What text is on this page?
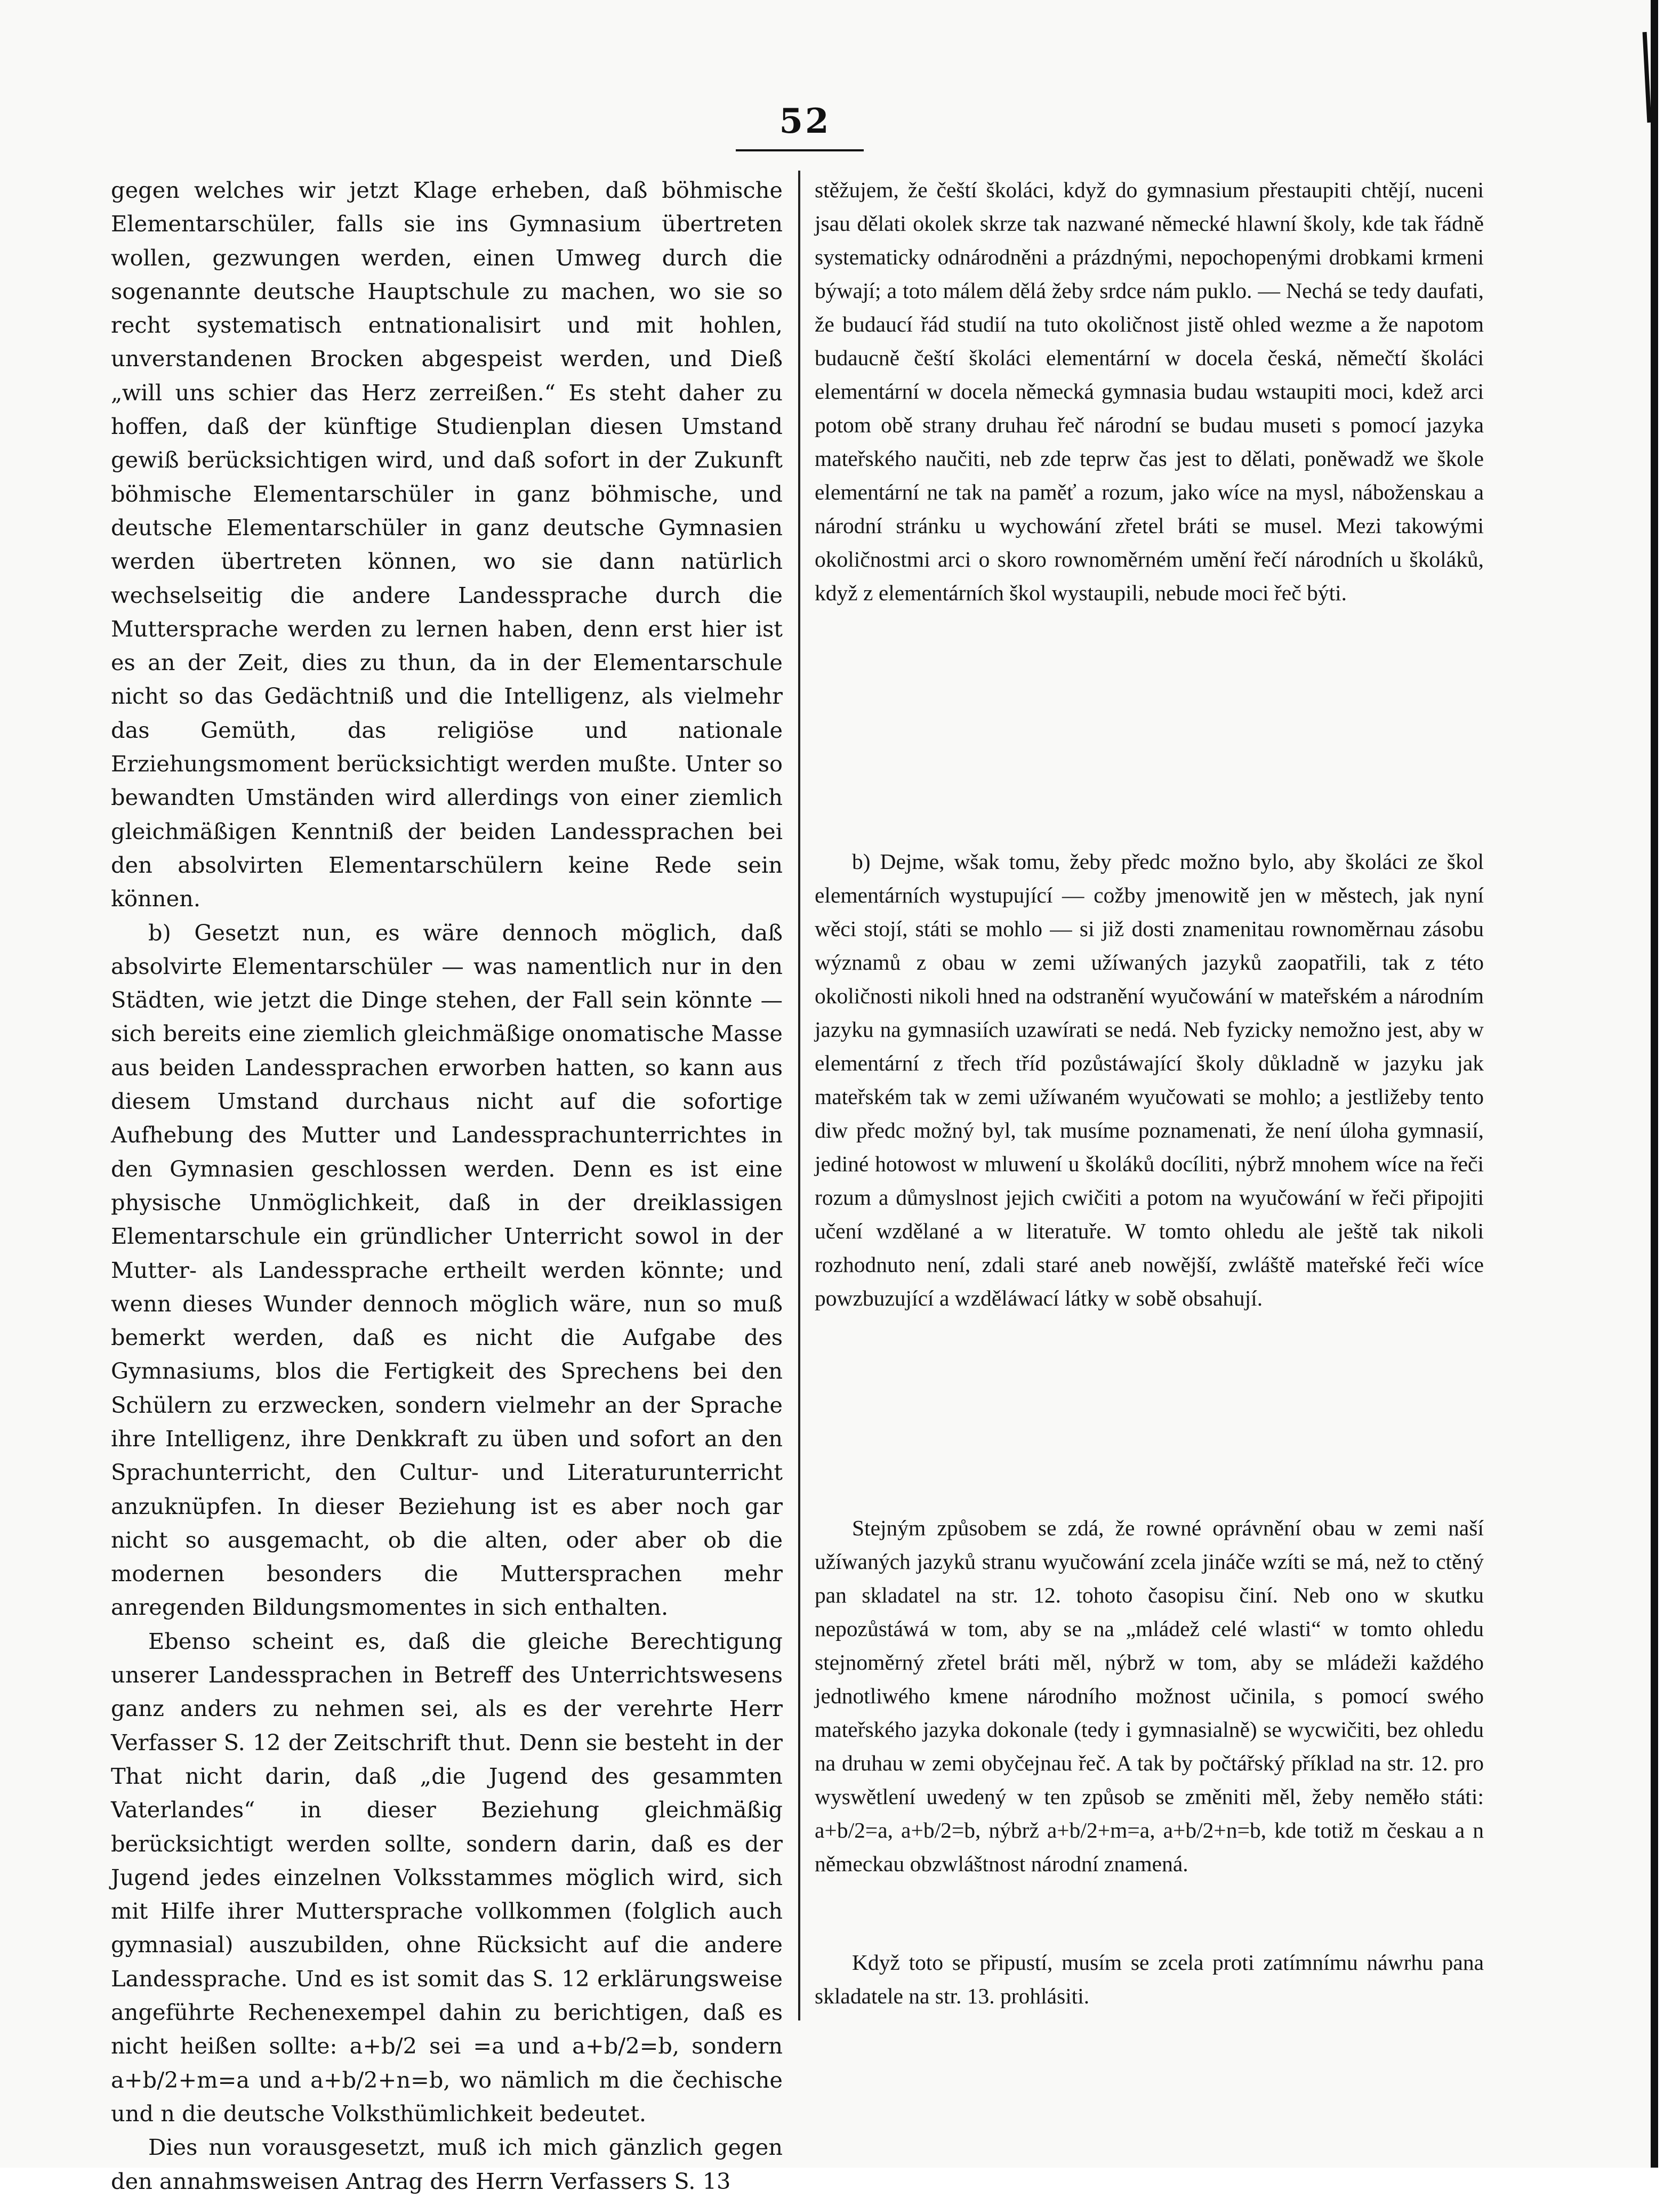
52

gegen welches wir jetzt Klage erheben, daß böhmische Elementarschüler, falls sie ins Gymnasium übertreten wollen, gezwungen werden, einen Umweg durch die sogenannte deutsche Hauptschule zu machen, wo sie so recht systematisch entnationalisirt und mit hohlen, unverstandenen Brocken abgespeist werden, und Dieß „will uns schier das Herz zerreißen.“ Es steht daher zu hoffen, daß der künftige Studienplan diesen Umstand gewiß berücksichtigen wird, und daß sofort in der Zukunft böhmische Elementarschüler in ganz böhmische, und deutsche Elementarschüler in ganz deutsche Gymnasien werden übertreten können, wo sie dann natürlich wechselseitig die andere Landessprache durch die Muttersprache werden zu lernen haben, denn erst hier ist es an der Zeit, dies zu thun, da in der Elementarschule nicht so das Gedächtniß und die Intelligenz, als vielmehr das Gemüth, das religiöse und nationale Erziehungsmoment berücksichtigt werden mußte. Unter so bewandten Umständen wird allerdings von einer ziemlich gleichmäßigen Kenntniß der beiden Landessprachen bei den absolvirten Elementarschülern keine Rede sein können.

b) Gesetzt nun, es wäre dennoch möglich, daß absolvirte Elementarschüler — was namentlich nur in den Städten, wie jetzt die Dinge stehen, der Fall sein könnte — sich bereits eine ziemlich gleichmäßige onomatische Masse aus beiden Landessprachen erworben hatten, so kann aus diesem Umstand durchaus nicht auf die sofortige Aufhebung des Mutter und Landessprachunterrichtes in den Gymnasien geschlossen werden. Denn es ist eine physische Unmöglichkeit, daß in der dreiklassigen Elementarschule ein gründlicher Unterricht sowol in der Mutter- als Landessprache ertheilt werden könnte; und wenn dieses Wunder dennoch möglich wäre, nun so muß bemerkt werden, daß es nicht die Aufgabe des Gymnasiums, blos die Fertigkeit des Sprechens bei den Schülern zu erzwecken, sondern vielmehr an der Sprache ihre Intelligenz, ihre Denkkraft zu üben und sofort an den Sprachunterricht, den Cultur- und Literaturunterricht anzuknüpfen. In dieser Beziehung ist es aber noch gar nicht so ausgemacht, ob die alten, oder aber ob die modernen besonders die Muttersprachen mehr anregenden Bildungsmomentes in sich enthalten.

Ebenso scheint es, daß die gleiche Berechtigung unserer Landessprachen in Betreff des Unterrichtswesens ganz anders zu nehmen sei, als es der verehrte Herr Verfasser S. 12 der Zeitschrift thut. Denn sie besteht in der That nicht darin, daß „die Jugend des gesammten Vaterlandes“ in dieser Beziehung gleichmäßig berücksichtigt werden sollte, sondern darin, daß es der Jugend jedes einzelnen Volksstammes möglich wird, sich mit Hilfe ihrer Muttersprache vollkommen (folglich auch gymnasial) auszubilden, ohne Rücksicht auf die andere Landessprache. Und es ist somit das S. 12 erklärungsweise angeführte Rechenexempel dahin zu berichtigen, daß es nicht heißen sollte: a+b/2 sei =a und a+b/2=b, sondern a+b/2+m=a und a+b/2+n=b, wo nämlich m die čechische und n die deutsche Volksthümlichkeit bedeutet.

Dies nun vorausgesetzt, muß ich mich gänzlich gegen den annahmsweisen Antrag des Herrn Verfassers S. 13

stěžujem, že čeští školáci, když do gymnasium přestaupiti chtějí, nuceni jsau dělati okolek skrze tak nazwané německé hlawní školy, kde tak řádně systematicky odnárodněni a prázdnými, nepochopenými drobkami krmeni býwají; a toto málem dělá žeby srdce nám puklo. — Nechá se tedy daufati, že budaucí řád studií na tuto okoličnost jistě ohled wezme a že napotom budaucně čeští školáci elementární w docela česká, němečtí školáci elementární w docela německá gymnasia budau wstaupiti moci, kdež arci potom obě strany druhau řeč národní se budau museti s pomocí jazyka mateřského naučiti, neb zde teprw čas jest to dělati, poněwadž we škole elementární ne tak na paměť a rozum, jako wíce na mysl, náboženskau a národní stránku u wychowání zřetel bráti se musel. Mezi takowými okoličnostmi arci o skoro rownoměrném umění řečí národních u školáků, když z elementárních škol wystaupili, nebude moci řeč býti.

b) Dejme, wšak tomu, žeby předc možno bylo, aby školáci ze škol elementárních wystupující — cožby jmenowitě jen w městech, jak nyní wěci stojí, státi se mohlo — si již dosti znamenitau rownoměrnau zásobu wýznamů z obau w zemi užíwaných jazyků zaopatřili, tak z této okoličnosti nikoli hned na odstranění wyučowání w mateřském a národním jazyku na gymnasiích uzawírati se nedá. Neb fyzicky nemožno jest, aby w elementární z třech tříd pozůstáwající školy důkladně w jazyku jak mateřském tak w zemi užíwaném wyučowati se mohlo; a jestližeby tento diw předc možný byl, tak musíme poznamenati, že není úloha gymnasií, jediné hotowost w mluwení u školáků docíliti, nýbrž mnohem wíce na řeči rozum a důmyslnost jejich cwičiti a potom na wyučowání w řeči připojiti učení wzdělané a w literatuře. W tomto ohledu ale ještě tak nikoli rozhodnuto není, zdali staré aneb nowější, zwláště mateřské řeči wíce powzbuzující a wzděláwací látky w sobě obsahují.

Stejným způsobem se zdá, že rowné oprávnění obau w zemi naší užíwaných jazyků stranu wyučowání zcela jináče wzíti se má, než to ctěný pan skladatel na str. 12. tohoto časopisu činí. Neb ono w skutku nepozůstáwá w tom, aby se na „mládež celé wlasti“ w tomto ohledu stejnoměrný zřetel bráti měl, nýbrž w tom, aby se mládeži každého jednotliwého kmene národního možnost učinila, s pomocí swého mateřského jazyka dokonale (tedy i gymnasialně) se wycwičiti, bez ohledu na druhau w zemi obyčejnau řeč. A tak by počtářský příklad na str. 12. pro wyswětlení uwedený w ten způsob se změniti měl, žeby neměło státi: a+b/2=a, a+b/2=b, nýbrž a+b/2+m=a, a+b/2+n=b, kde totiž m českau a n německau obzwláštnost národní znamená.

Když toto se připustí, musím se zcela proti zatímnímu náwrhu pana skladatele na str. 13. prohlásiti.
